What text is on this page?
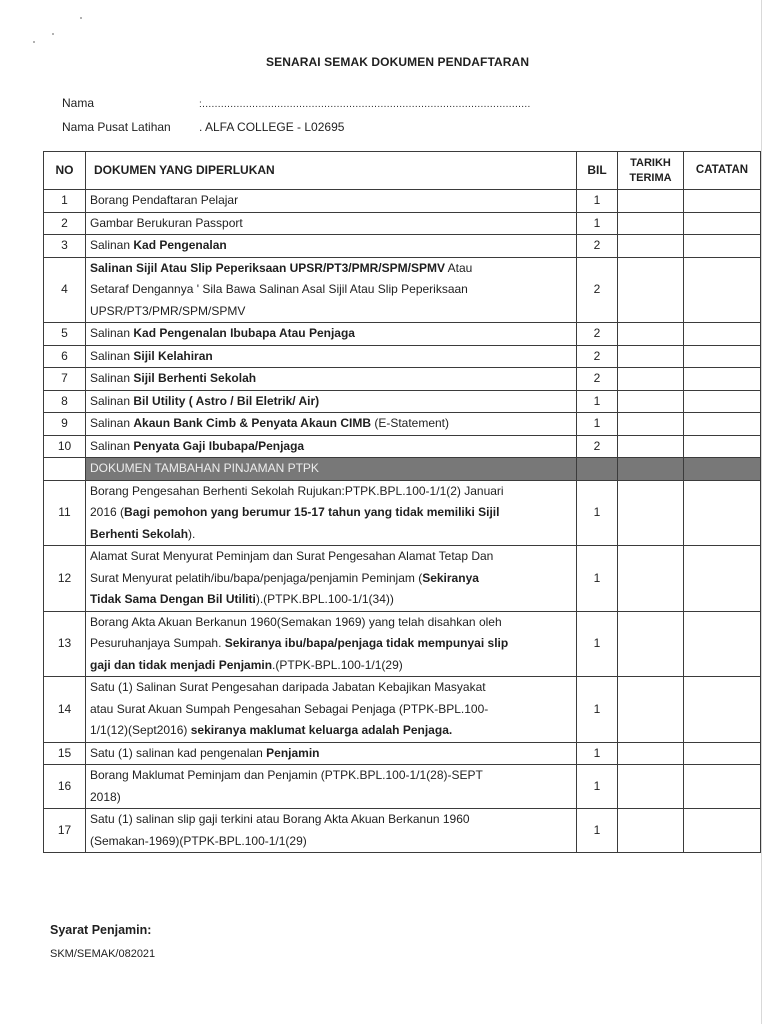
SENARAI SEMAK DOKUMEN PENDAFTARAN
Nama	:.........................................................................................................
Nama Pusat Latihan . ALFA COLLEGE - L02695
NO	DOKUMEN YANG DIPERLUKAN	BIL	TARIKH TERIMA	CATATAN
1	Borang Pendaftaran Pelajar	1		
2	Gambar Berukuran Passport	1		
3	Salinan Kad Pengenalan	2		
4	Salinan Sijil Atau Slip Peperiksaan UPSR/PT3/PMR/SPM/SPMV Atau
Setaraf Dengannya ' Sila Bawa Salinan Asal Sijil Atau Slip Peperiksaan
UPSR/PT3/PMR/SPM/SPMV	2		
5	Salinan Kad Pengenalan Ibubapa Atau Penjaga	2		
6	Salinan Sijil Kelahiran	2		
7	Salinan Sijil Berhenti Sekolah	2		
8	Salinan Bil Utility ( Astro / Bil Eletrik/ Air)	1		
9	Salinan Akaun Bank Cimb & Penyata Akaun CIMB (E-Statement)	1		
10	Salinan Penyata Gaji Ibubapa/Penjaga	2		
	DOKUMEN TAMBAHAN PINJAMAN PTPK			
11	Borang Pengesahan Berhenti Sekolah Rujukan:PTPK.BPL.100-1/1(2) Januari
2016 (Bagi pemohon yang berumur 15-17 tahun yang tidak memiliki Sijil
Berhenti Sekolah).	1		
12	Alamat Surat Menyurat Peminjam dan Surat Pengesahan Alamat Tetap Dan
Surat Menyurat pelatih/ibu/bapa/penjaga/penjamin Peminjam (Sekiranya
Tidak Sama Dengan Bil Utiliti).(PTPK.BPL.100-1/1(34))	1		
13	Borang Akta Akuan Berkanun 1960(Semakan 1969) yang telah disahkan oleh
Pesuruhanjaya Sumpah. Sekiranya ibu/bapa/penjaga tidak mempunyai slip
gaji dan tidak menjadi Penjamin.(PTPK-BPL.100-1/1(29)	1		
14	Satu (1) Salinan Surat Pengesahan daripada Jabatan Kebajikan Masyakat
atau Surat Akuan Sumpah Pengesahan Sebagai Penjaga (PTPK-BPL.100-
1/1(12)(Sept2016) sekiranya maklumat keluarga adalah Penjaga.	1		
15	Satu (1) salinan kad pengenalan Penjamin	1		
16	Borang Maklumat Peminjam dan Penjamin (PTPK.BPL.100-1/1(28)-SEPT
2018)	1		
17	Satu (1) salinan slip gaji terkini atau Borang Akta Akuan Berkanun 1960
(Semakan-1969)(PTPK-BPL.100-1/1(29)	1		
Syarat Penjamin:
SKM/SEMAK/082021
